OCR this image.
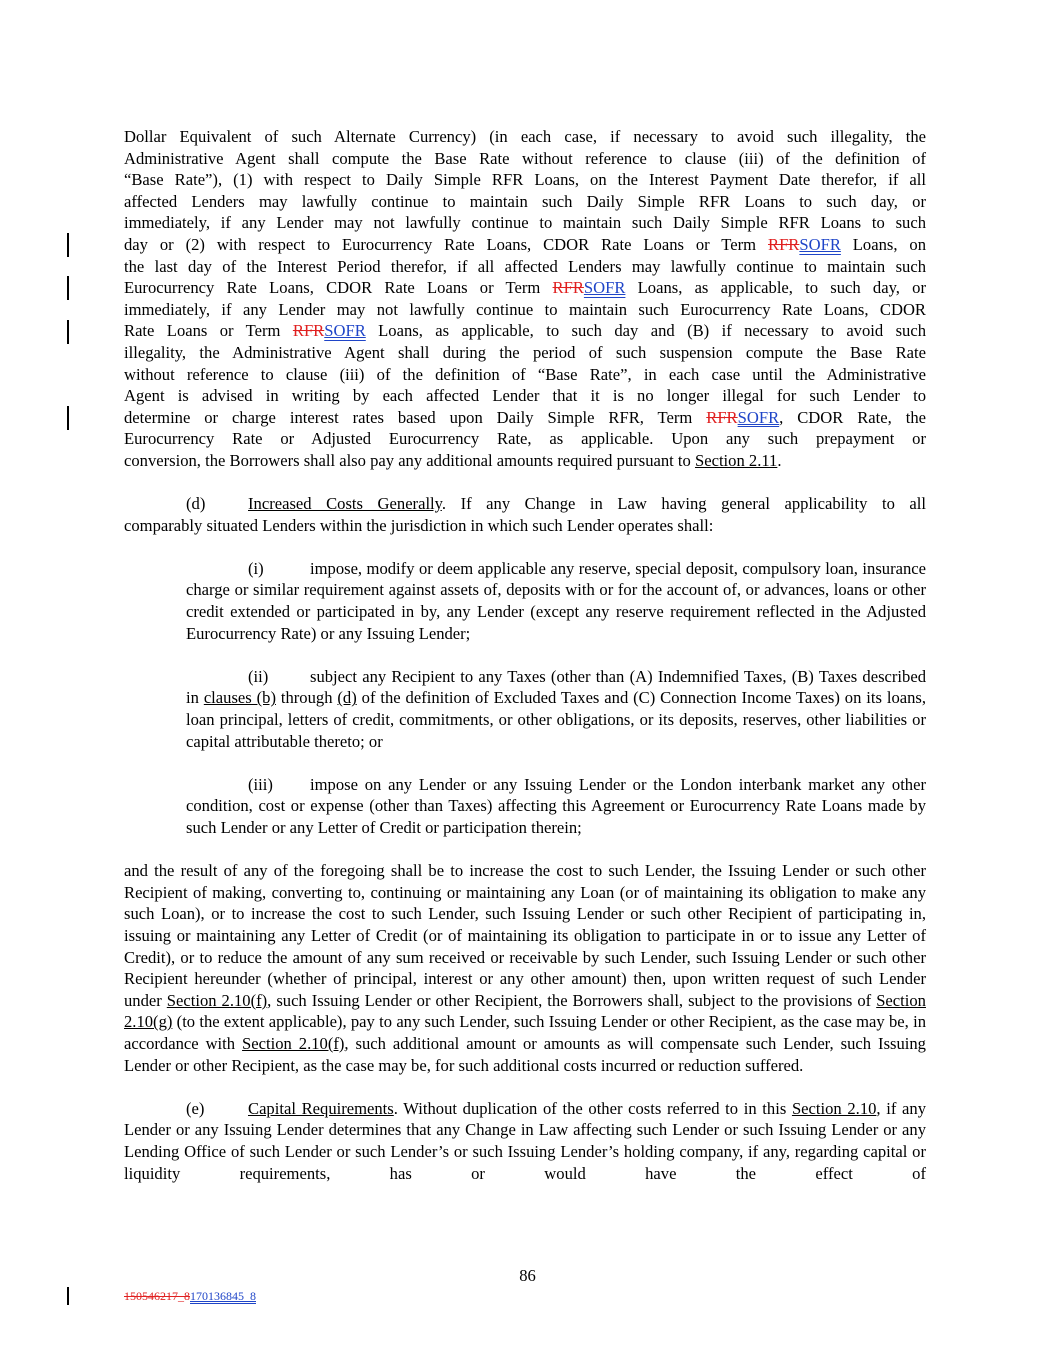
Dollar Equivalent of such Alternate Currency) (in each case, if necessary to avoid such illegality, the
Administrative Agent shall compute the Base Rate without reference to clause (iii) of the definition of
“Base Rate”), (1) with respect to Daily Simple RFR Loans, on the Interest Payment Date therefor, if all
affected Lenders may lawfully continue to maintain such Daily Simple RFR Loans to such day, or
immediately, if any Lender may not lawfully continue to maintain such Daily Simple RFR Loans to such
day or (2) with respect to Eurocurrency Rate Loans, CDOR Rate Loans or Term RFRSOFR Loans, on
the last day of the Interest Period therefor, if all affected Lenders may lawfully continue to maintain such
Eurocurrency Rate Loans, CDOR Rate Loans or Term RFRSOFR Loans, as applicable, to such day, or
immediately, if any Lender may not lawfully continue to maintain such Eurocurrency Rate Loans, CDOR
Rate Loans or Term RFRSOFR Loans, as applicable, to such day and (B) if necessary to avoid such
illegality, the Administrative Agent shall during the period of such suspension compute the Base Rate
without reference to clause (iii) of the definition of “Base Rate”, in each case until the Administrative
Agent is advised in writing by each affected Lender that it is no longer illegal for such Lender to
determine or charge interest rates based upon Daily Simple RFR, Term RFRSOFR, CDOR Rate, the
Eurocurrency Rate or Adjusted Eurocurrency Rate, as applicable. Upon any such prepayment or
conversion, the Borrowers shall also pay any additional amounts required pursuant to Section 2.11.
(d)	Increased Costs Generally. If any Change in Law having general applicability to all
comparably situated Lenders within the jurisdiction in which such Lender operates shall:
(i)	impose, modify or deem applicable any reserve, special deposit, compulsory loan, insurance charge or similar requirement against assets of, deposits with or for the account of, or advances, loans or other credit extended or participated in by, any Lender (except any reserve requirement reflected in the Adjusted Eurocurrency Rate) or any Issuing Lender;
(ii)	subject any Recipient to any Taxes (other than (A) Indemnified Taxes, (B) Taxes described in clauses (b) through (d) of the definition of Excluded Taxes and (C) Connection Income Taxes) on its loans, loan principal, letters of credit, commitments, or other obligations, or its deposits, reserves, other liabilities or capital attributable thereto; or
(iii) impose on any Lender or any Issuing Lender or the London interbank market any other condition, cost or expense (other than Taxes) affecting this Agreement or Eurocurrency Rate Loans made by such Lender or any Letter of Credit or participation therein;
and the result of any of the foregoing shall be to increase the cost to such Lender, the Issuing Lender or such other Recipient of making, converting to, continuing or maintaining any Loan (or of maintaining its obligation to make any such Loan), or to increase the cost to such Lender, such Issuing Lender or such other Recipient of participating in, issuing or maintaining any Letter of Credit (or of maintaining its obligation to participate in or to issue any Letter of Credit), or to reduce the amount of any sum received or receivable by such Lender, such Issuing Lender or such other Recipient hereunder (whether of principal, interest or any other amount) then, upon written request of such Lender under Section 2.10(f), such Issuing Lender or other Recipient, the Borrowers shall, subject to the provisions of Section 2.10(g) (to the extent applicable), pay to any such Lender, such Issuing Lender or other Recipient, as the case may be, in accordance with Section 2.10(f), such additional amount or amounts as will compensate such Lender, such Issuing Lender or other Recipient, as the case may be, for such additional costs incurred or reduction suffered.
(e)	Capital Requirements. Without duplication of the other costs referred to in this Section 2.10, if any Lender or any Issuing Lender determines that any Change in Law affecting such Lender or such Issuing Lender or any Lending Office of such Lender or such Lender’s or such Issuing Lender’s holding company, if any, regarding capital or liquidity requirements, has or would have the effect of
86
150546217_8170136845_8
